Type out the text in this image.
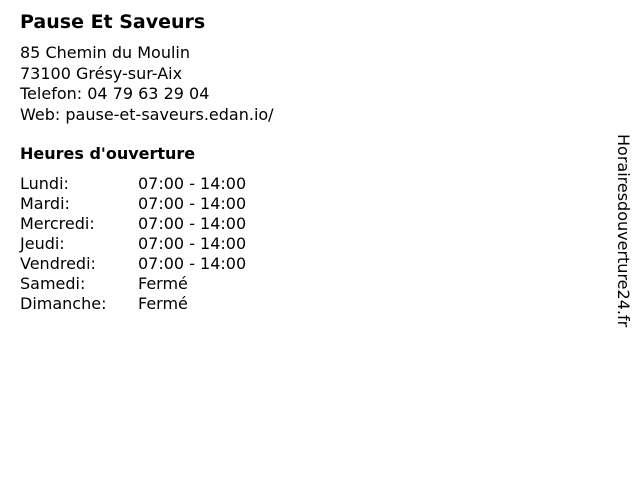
Pause Et Saveurs
85 Chemin du Moulin
73100 Grésy-sur-Aix
Telefon: 04 79 63 29 04
Web: pause-et-saveurs.edan.io/
Heures d'ouverture
Lundi:	07:00 - 14:00
Mardi:	07:00 - 14:00
Mercredi:	07:00 - 14:00
Jeudi:	07:00 - 14:00
Vendredi:	07:00 - 14:00
Samedi:	Fermé
Dimanche:	Fermé	Horairesdouverture24.fr
